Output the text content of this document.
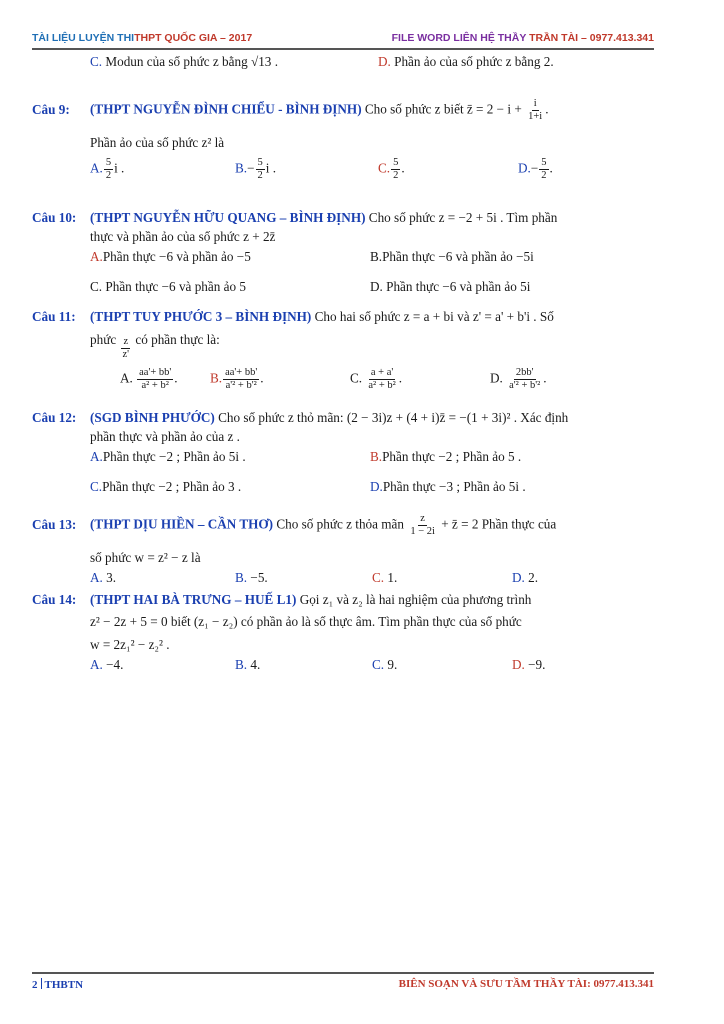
TÀI LIỆU LUYỆN THITHPT QUỐC GIA – 2017	FILE WORD LIÊN HỆ THẦY TRẦN TÀI – 0977.413.341
C. Modun của số phức z bằng √13 .	D. Phần ảo của số phức z bằng 2.
Câu 9:	(THPT NGUYỄN ĐÌNH CHIỂU - BÌNH ĐỊNH) Cho số phức z biết z̄ = $2 - i + \frac{i}{1+i}$ .
Phần ảo của số phức z² là
A. $\frac{5}{2}$ i .	$B.- \frac{5}{2}$ i .	C. $\frac{5}{2}$ .	$D.- \frac{5}{2}$ .
Câu 10:	(THPT NGUYỄN HỮU QUANG – BÌNH ĐỊNH) Cho số phức z = −2 + 5i . Tìm phần
thực và phần ảo của số phức z + 2z̄
A.Phần thực −6 và phần ảo −5	B.Phần thực −6 và phần ảo −5i
C. Phần thực −6 và phần ảo 5	D. Phần thực −6 và phần ảo 5i
Câu 11:	(THPT TUY PHƯỚC 3 – BÌNH ĐỊNH) Cho hai số phức z = a + bi và z' = a' + b'i . Số
phức
$\frac{z}{z'}$
có phần thực là:
A. $\frac{aa'+ bb'}{\text{a² + b²}}$ .	B. $\frac{aa'+ bb'}{\text{a'² + b'²}}$ .	C. $\frac{a + a'}{\text{a² + b²}}$ .	D. $\frac{2bb'}{\text{a'² + b'²}}$ .
Câu 12:	(SGD BÌNH PHƯỚC) Cho số phức z thỏ mãn: (2 − 3i)z + (4 + i)z̄ = −(1 + 3i)² . Xác định
phần thực và phần ảo của z .
A.Phần thực −2 ; Phần ảo 5i .	B.Phần thực −2 ; Phần ảo 5 .
C.Phần thực −2 ; Phần ảo 3 .	D.Phần thực −3 ; Phần ảo 5i .
Câu 13:	(THPT DỊU HIỀN – CẦN THƠ) Cho số phức z thỏa mãn $\frac{z}{1 - 2i}$ + z̄ = 2 Phần thực của
số phức w = z² − z là
A. 3.	B. −5.	C. 1.	D. 2.
Câu 14:	(THPT HAI BÀ TRƯNG – HUẾ L1) Gọi z₁ và z₂ là hai nghiệm của phương trình
z² − 2z + 5 = 0 biết (z₁ − z₂) có phần ảo là số thực âm. Tìm phần thực của số phức
w = 2z₁² − z₂² .
A. −4.	B. 4.	C. 9.	D. −9.
2 THBTN	BIÊN SOẠN VÀ SƯU TẦM THẦY TÀI: 0977.413.341
